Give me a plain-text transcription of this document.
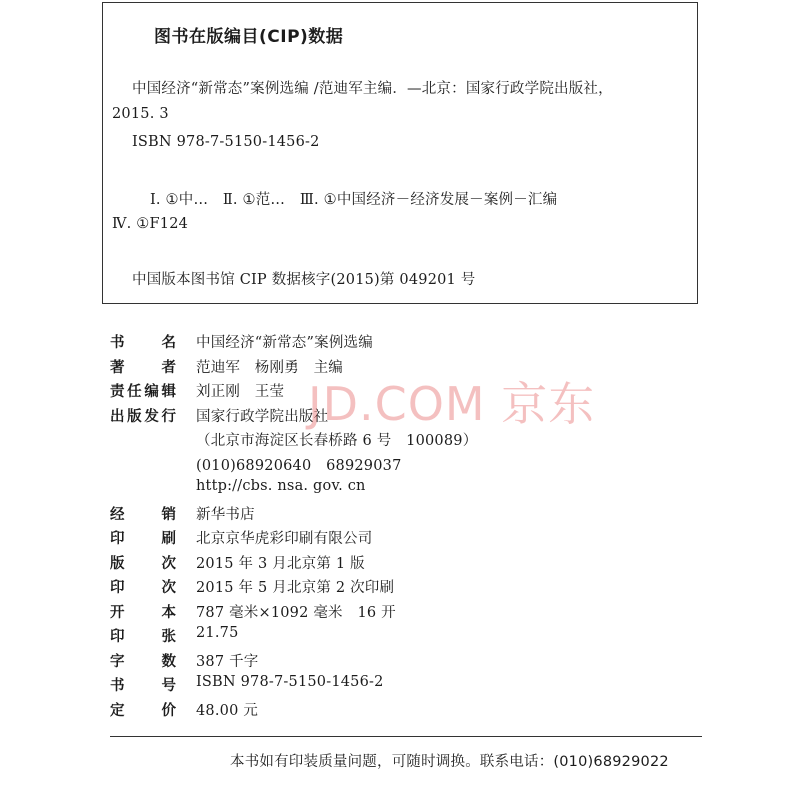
图书在版编目(CIP)数据
中国经济“新常态”案例选编 /范迪军主编．—北京：国家行政学院出版社，
2015. 3
ISBN 978-7-5150-1456-2
Ⅰ. ①中…　Ⅱ. ①范…　Ⅲ. ①中国经济－经济发展－案例－汇编
Ⅳ. ①F124
中国版本图书馆 CIP 数据核字(2015)第 049201 号
书名 中国经济“新常态”案例选编
著者 范迪军　杨刚勇　主编
责任编辑 刘正刚　王莹
出版发行 国家行政学院出版社
（北京市海淀区长春桥路 6 号　100089）
(010)68920640　68929037
http://cbs. nsa. gov. cn
经销 新华书店
印刷 北京京华虎彩印刷有限公司
版次 2015 年 3 月北京第 1 版
印次 2015 年 5 月北京第 2 次印刷
开本 787 毫米×1092 毫米　16 开
印张 21.75
字数 387 千字
书号 ISBN 978-7-5150-1456-2
定价 48.00 元
JD.COM 京东
本书如有印装质量问题，可随时调换。联系电话：(010)68929022
